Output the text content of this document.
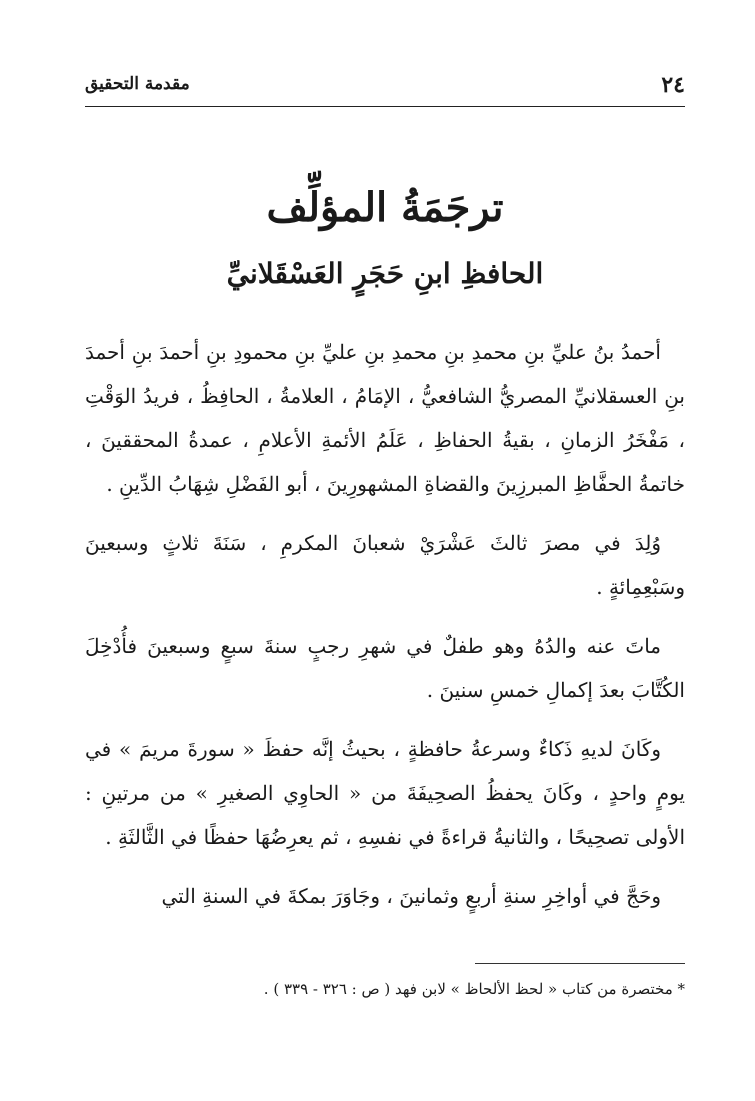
٢٤
مقدمة التحقيق
ترجَمَةُ المؤلِّف
الحافظِ ابنِ حَجَرٍ العَسْقَلانيِّ

أحمدُ بنُ عليِّ بنِ محمدِ بنِ محمدِ بنِ عليِّ بنِ محمودِ بنِ أحمدَ بنِ أحمدَ بنِ العسقلانيِّ المصريُّ الشافعيُّ ، الإمَامُ ، العلامةُ ، الحافِظُ ، فريدُ الوَقْتِ ، مَفْخَرُ الزمانِ ، بقيةُ الحفاظِ ، عَلَمُ الأئمةِ الأعلامِ ، عمدةُ المحققينَ ، خاتمةُ الحفَّاظِ المبرزِينَ والقضاةِ المشهورِينَ ، أبو الفَضْلِ شِهَابُ الدِّينِ .

وُلِدَ في مصرَ ثالثَ عَشْرَيْ شعبانَ المكرمِ ، سَنَةَ ثلاثٍ وسبعينَ وسَبْعِمِائةٍ .

ماتَ عنه والدُهُ وهو طفلٌ في شهرِ رجبٍ سنةَ سبعٍ وسبعينَ فأُدْخِلَ الكُتَّابَ بعدَ إكمالِ خمسِ سنينَ .

وكَانَ لديهِ ذَكاءٌ وسرعةُ حافظةٍ ، بحيثُ إنَّه حفظَ « سورةَ مريمَ » في يومٍ واحدٍ ، وكَانَ يحفظُ الصحِيفَةَ من « الحاوِي الصغيرِ » من مرتينِ : الأولى تصحِيحًا ، والثانيةُ قراءةً في نفسِهِ ، ثم يعرِضُهَا حفظًا في الثَّالثَةِ .

وحَجَّ في أواخِرِ سنةِ أربعٍ وثمانينَ ، وجَاوَرَ بمكةَ في السنةِ التي

* مختصرة من كتاب « لحظ الألحاظ » لابن فهد ( ص : ٣٢٦ - ٣٣٩ ) .
